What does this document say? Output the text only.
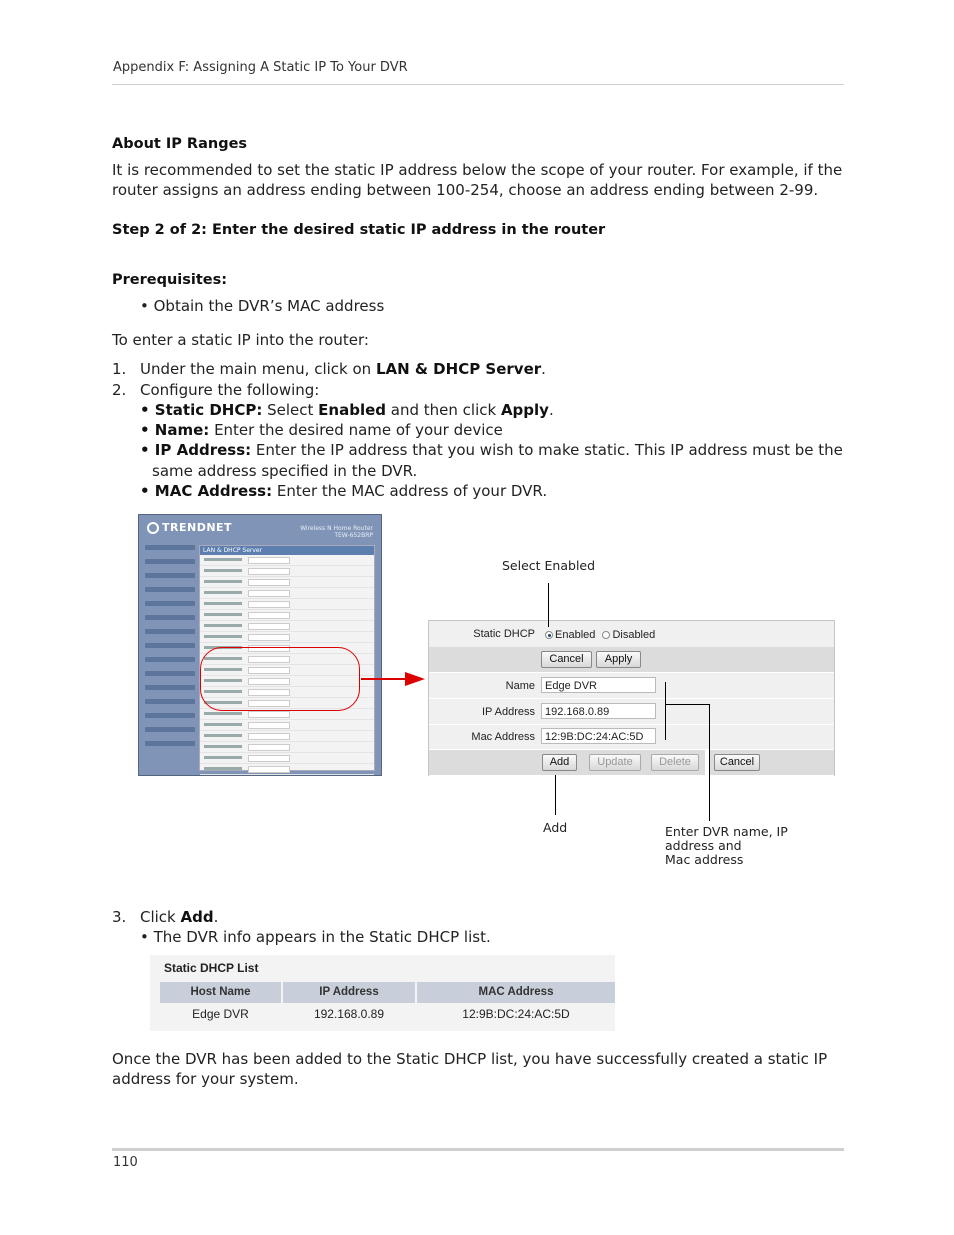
Appendix F: Assigning A Static IP To Your DVR
About IP Ranges
It is recommended to set the static IP address below the scope of your router. For example, if the router assigns an address ending between 100-254, choose an address ending between 2-99.
Step 2 of 2: Enter the desired static IP address in the router
Prerequisites:
• Obtain the DVR’s MAC address
To enter a static IP into the router:
1. Under the main menu, click on LAN & DHCP Server.
2. Configure the following:
• Static DHCP: Select Enabled and then click Apply.
• Name: Enter the desired name of your device
• IP Address: Enter the IP address that you wish to make static. This IP address must be the
same address specified in the DVR.
• MAC Address: Enter the MAC address of your DVR.
TRENDNET	Wireless N Home Router
TEW-652BRP
LAN & DHCP Server
Static DHCP	Enabled Disabled
Cancel	Apply
Name Edge DVR
IP Address 192.168.0.89
Mac Address 12:9B:DC:24:AC:5D
Add	Update	Delete	Cancel
Select Enabled
Add	Enter DVR name, IP
address and
Mac address
3. Click Add.
• The DVR info appears in the Static DHCP list.
Static DHCP List
Host Name	IP Address	MAC Address
Edge DVR	192.168.0.89	12:9B:DC:24:AC:5D
Once the DVR has been added to the Static DHCP list, you have successfully created a static IP address for your system.
110
